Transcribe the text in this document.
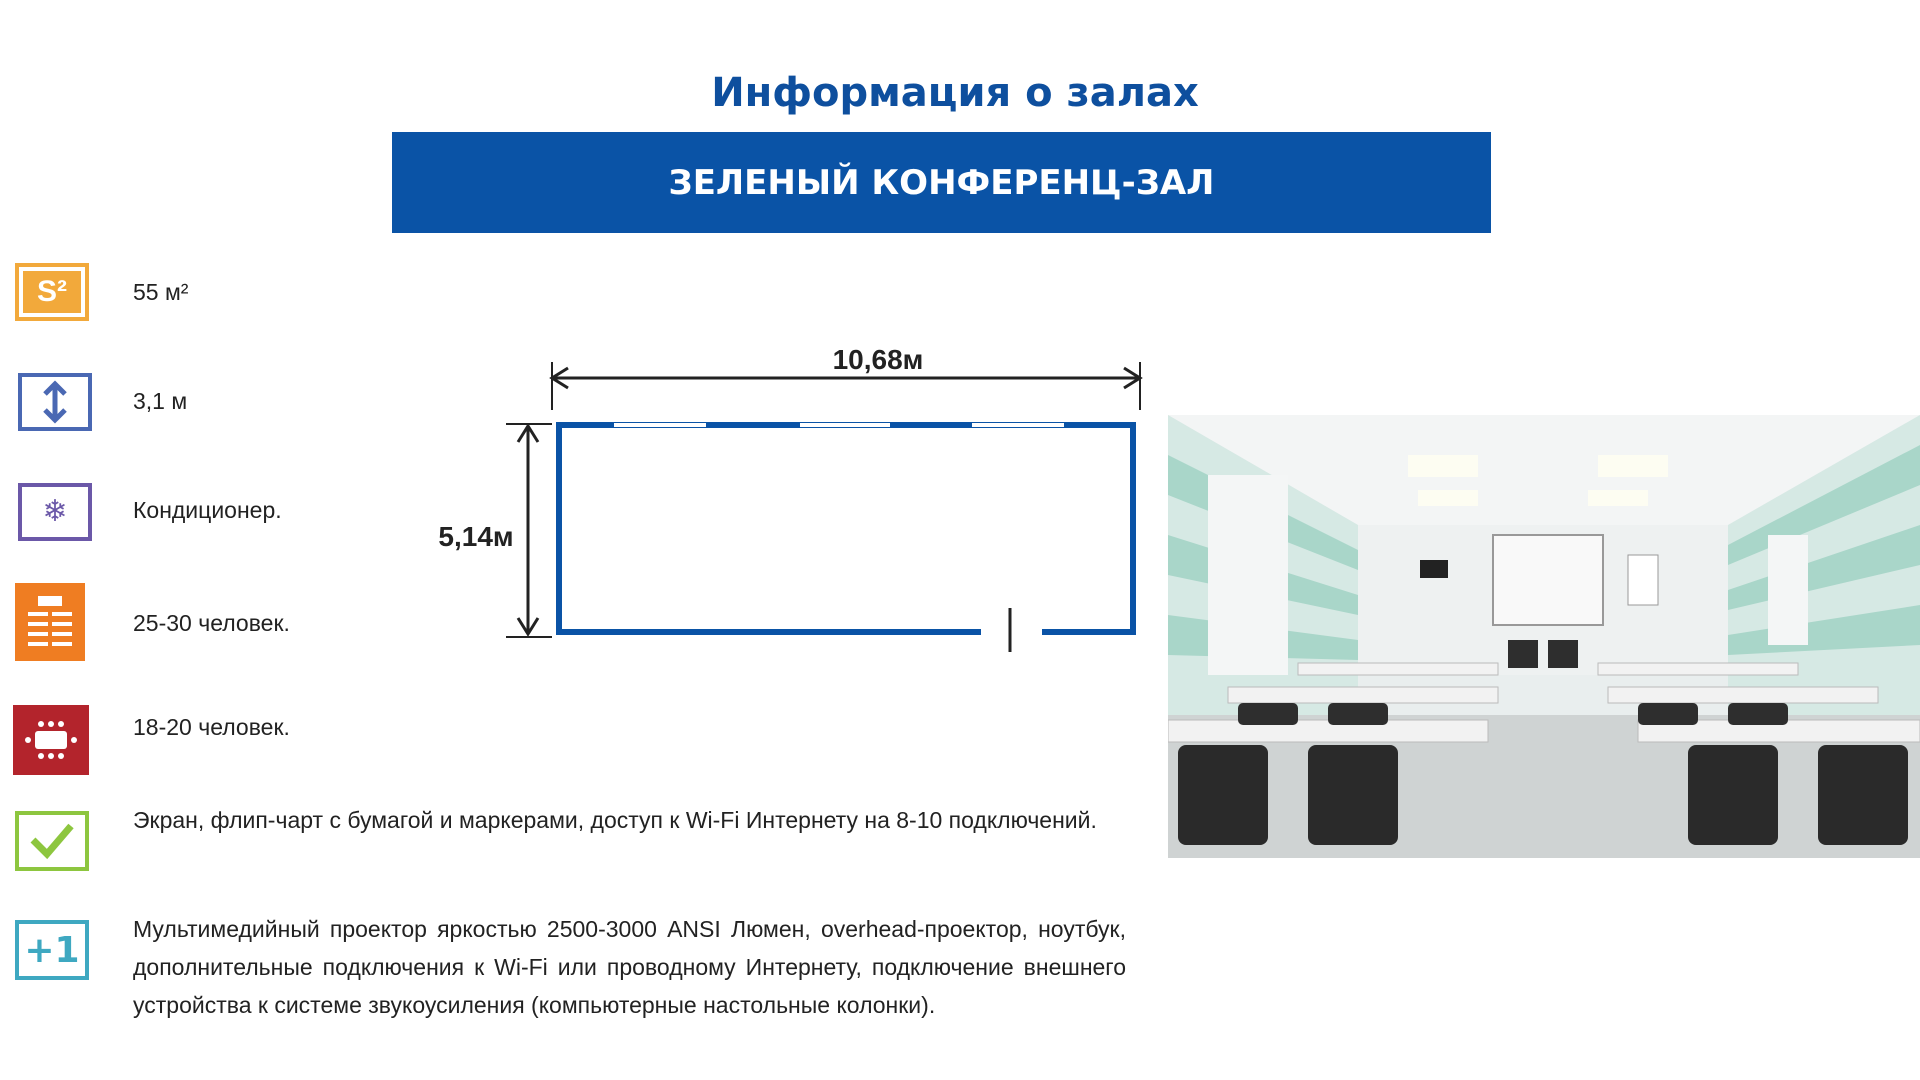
Информация о залах
ЗЕЛЕНЫЙ КОНФЕРЕНЦ-ЗАЛ
S²	55 м²
3,1 м
❄	Кондиционер.
25-30 человек.
18-20 человек.
Экран, флип-чарт с бумагой и маркерами, доступ к Wi-Fi Интернету на 8-10 подключений.
+1
Мультимедийный проектор яркостью 2500-3000 ANSI Люмен, overhead-проектор, ноутбук, дополнительные подключения к Wi-Fi или проводному Интернету, подключение внешнего устройства к системе звукоусиления (компьютерные настольные колонки).
10,68м
5,14м
